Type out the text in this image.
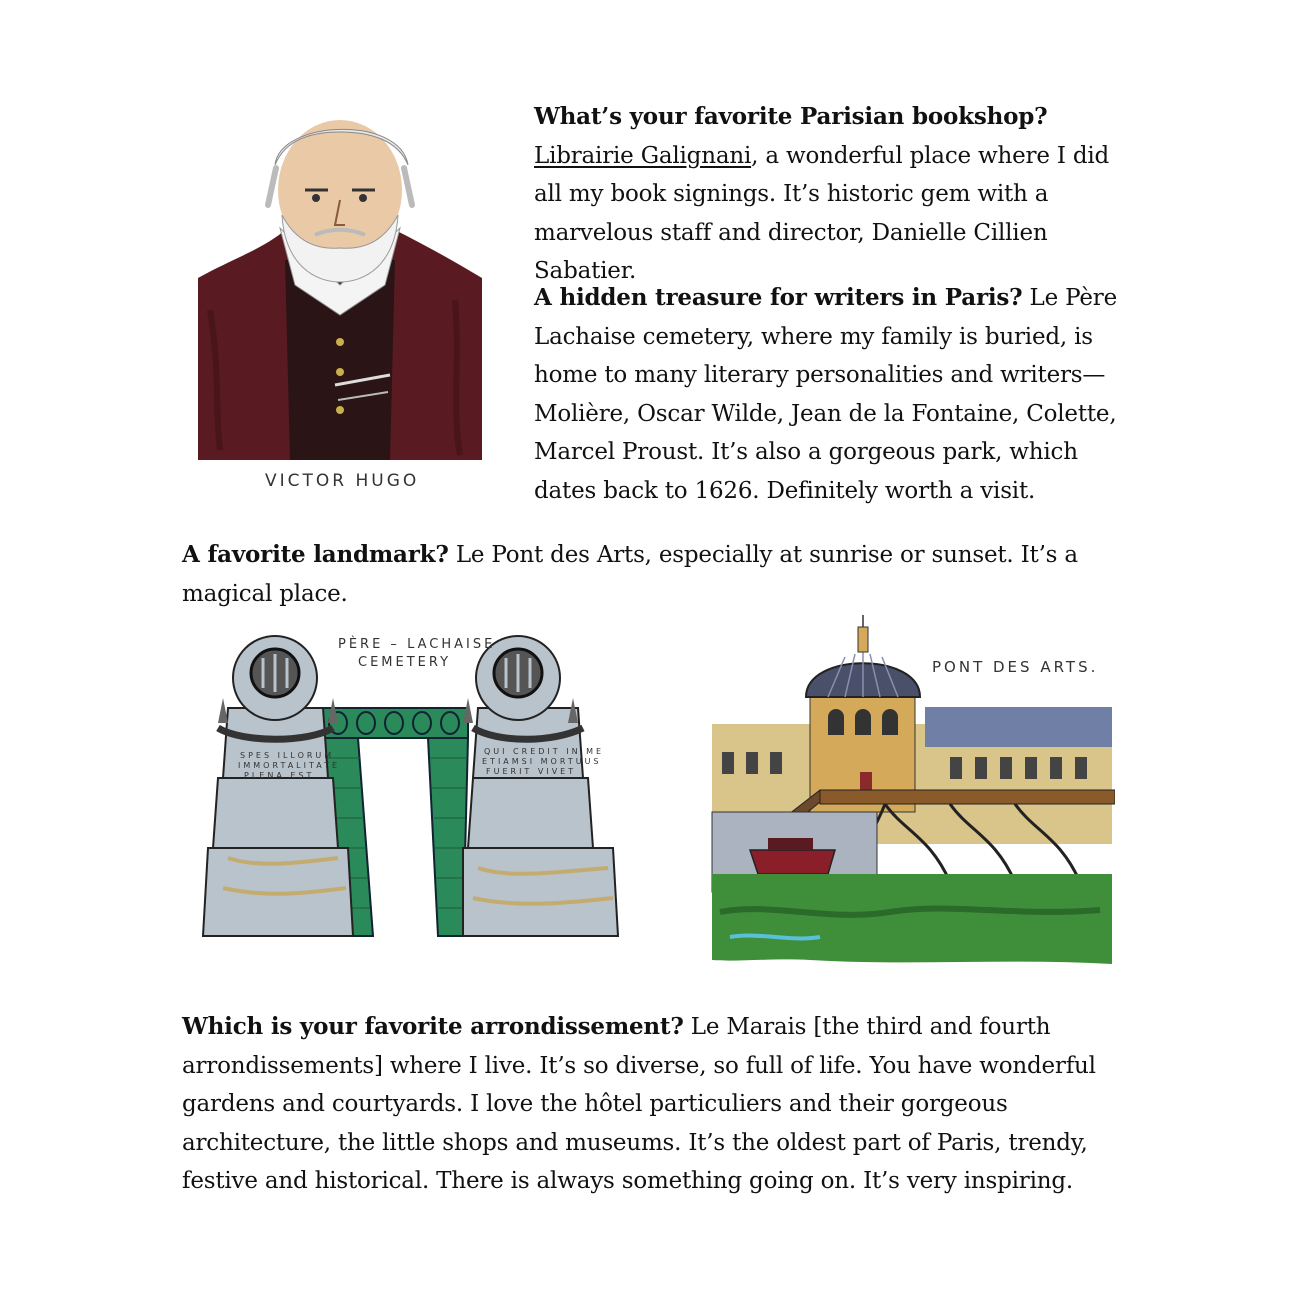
VICTOR HUGO

What’s your favorite Parisian bookshop? Librairie Galignani, a wonderful place where I did all my book signings. It’s historic gem with a marvelous staff and director, Danielle Cillien Sabatier.

A hidden treasure for writers in Paris? Le Père Lachaise cemetery, where my family is buried, is home to many literary personalities and writers— Molière, Oscar Wilde, Jean de la Fontaine, Colette, Marcel Proust. It’s also a gorgeous park, which dates back to 1626. Definitely worth a visit.

A favorite landmark? Le Pont des Arts, especially at sunrise or sunset. It’s a magical place.

SPES ILLORUM
IMMORTALITATE
PLENA EST
QUI CREDIT IN ME
ETIAMSI MORTUUS
FUERIT VIVET
PÈRE – LACHAISE
CEMETERY	PONT DES ARTS.

Which is your favorite arrondissement? Le Marais [the third and fourth arrondissements] where I live. It’s so diverse, so full of life. You have wonderful gardens and courtyards. I love the hôtel particuliers and their gorgeous architecture, the little shops and museums. It’s the oldest part of Paris, trendy, festive and historical. There is always something going on. It’s very inspiring.
